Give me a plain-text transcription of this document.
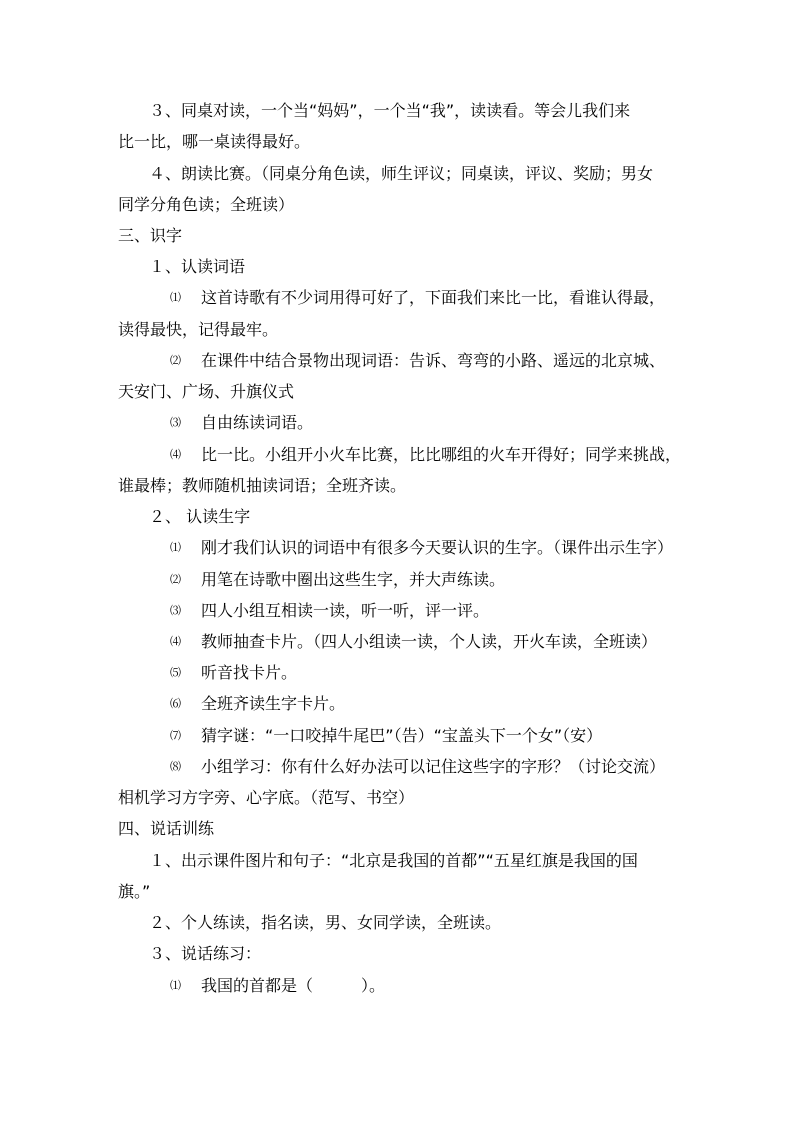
３、同桌对读，一个当“妈妈”，一个当“我”，读读看。等会儿我们来
比一比，哪一桌读得最好。
４、朗读比赛。（同桌分角色读，师生评议；同桌读，评议、奖励；男女
同学分角色读；全班读）
三、识字
１、认读词语
⑴ 这首诗歌有不少词用得可好了，下面我们来比一比，看谁认得最，
读得最快，记得最牢。
⑵ 在课件中结合景物出现词语：告诉、弯弯的小路、遥远的北京城、
天安门、广场、升旗仪式
⑶ 自由练读词语。
⑷ 比一比。小组开小火车比赛，比比哪组的火车开得好；同学来挑战，
谁最棒；教师随机抽读词语；全班齐读。
２、 认读生字
⑴ 刚才我们认识的词语中有很多今天要认识的生字。（课件出示生字）
⑵ 用笔在诗歌中圈出这些生字，并大声练读。
⑶ 四人小组互相读一读，听一听，评一评。
⑷ 教师抽查卡片。（四人小组读一读，个人读，开火车读，全班读）
⑸ 听音找卡片。
⑹ 全班齐读生字卡片。
⑺ 猜字谜：“一口咬掉牛尾巴”（告）“宝盖头下一个女”（安）
⑻ 小组学习：你有什么好办法可以记住这些字的字形？（讨论交流）
相机学习方字旁、心字底。（范写、书空）
四、说话训练
１、出示课件图片和句子：“北京是我国的首都”“五星红旗是我国的国
旗。”
２、个人练读，指名读，男、女同学读，全班读。
３、说话练习：
⑴ 我国的首都是（　　　）。
